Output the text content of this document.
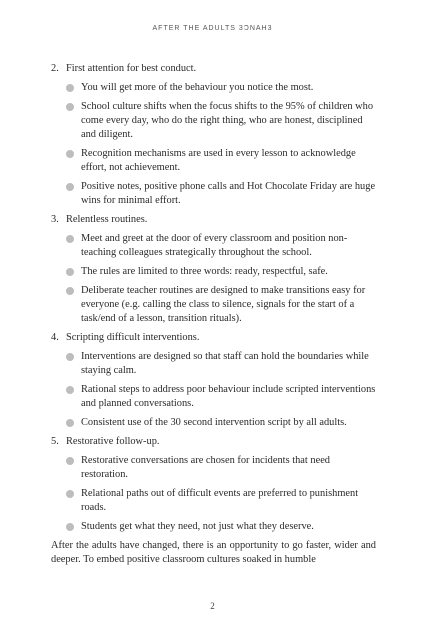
AFTER THE ADULTS 3ƆNAH3
2. First attention for best conduct.
You will get more of the behaviour you notice the most.
School culture shifts when the focus shifts to the 95% of children who come every day, who do the right thing, who are honest, disciplined and diligent.
Recognition mechanisms are used in every lesson to acknowledge effort, not achievement.
Positive notes, positive phone calls and Hot Chocolate Friday are huge wins for minimal effort.
3. Relentless routines.
Meet and greet at the door of every classroom and position non-teaching colleagues strategically throughout the school.
The rules are limited to three words: ready, respectful, safe.
Deliberate teacher routines are designed to make transitions easy for everyone (e.g. calling the class to silence, signals for the start of a task/end of a lesson, transition rituals).
4. Scripting difficult interventions.
Interventions are designed so that staff can hold the boundaries while staying calm.
Rational steps to address poor behaviour include scripted interventions and planned conversations.
Consistent use of the 30 second intervention script by all adults.
5. Restorative follow-up.
Restorative conversations are chosen for incidents that need restoration.
Relational paths out of difficult events are preferred to punishment roads.
Students get what they need, not just what they deserve.

After the adults have changed, there is an opportunity to go faster, wider and deeper. To embed positive classroom cultures soaked in humble

2
